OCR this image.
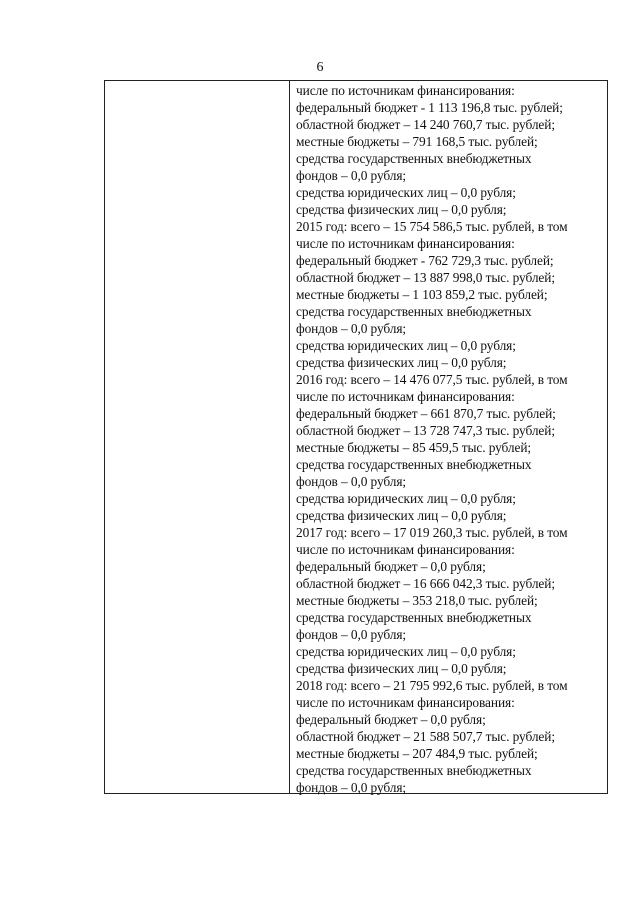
6
числе по источникам финансирования:
федеральный бюджет - 1 113 196,8 тыс. рублей;
областной бюджет – 14 240 760,7 тыс. рублей;
местные бюджеты – 791 168,5 тыс. рублей;
средства государственных внебюджетных
фондов – 0,0 рубля;
средства юридических лиц – 0,0 рубля;
средства физических лиц – 0,0 рубля;
2015 год: всего – 15 754 586,5 тыс. рублей, в том
числе по источникам финансирования:
федеральный бюджет - 762 729,3 тыс. рублей;
областной бюджет – 13 887 998,0 тыс. рублей;
местные бюджеты – 1 103 859,2 тыс. рублей;
средства государственных внебюджетных
фондов – 0,0 рубля;
средства юридических лиц – 0,0 рубля;
средства физических лиц – 0,0 рубля;
2016 год: всего – 14 476 077,5 тыс. рублей, в том
числе по источникам финансирования:
федеральный бюджет – 661 870,7 тыс. рублей;
областной бюджет – 13 728 747,3 тыс. рублей;
местные бюджеты – 85 459,5 тыс. рублей;
средства государственных внебюджетных
фондов – 0,0 рубля;
средства юридических лиц – 0,0 рубля;
средства физических лиц – 0,0 рубля;
2017 год: всего – 17 019 260,3 тыс. рублей, в том
числе по источникам финансирования:
федеральный бюджет – 0,0 рубля;
областной бюджет – 16 666 042,3 тыс. рублей;
местные бюджеты – 353 218,0 тыс. рублей;
средства государственных внебюджетных
фондов – 0,0 рубля;
средства юридических лиц – 0,0 рубля;
средства физических лиц – 0,0 рубля;
2018 год: всего – 21 795 992,6 тыс. рублей, в том
числе по источникам финансирования:
федеральный бюджет – 0,0 рубля;
областной бюджет – 21 588 507,7 тыс. рублей;
местные бюджеты – 207 484,9 тыс. рублей;
средства государственных внебюджетных
фондов – 0,0 рубля;
